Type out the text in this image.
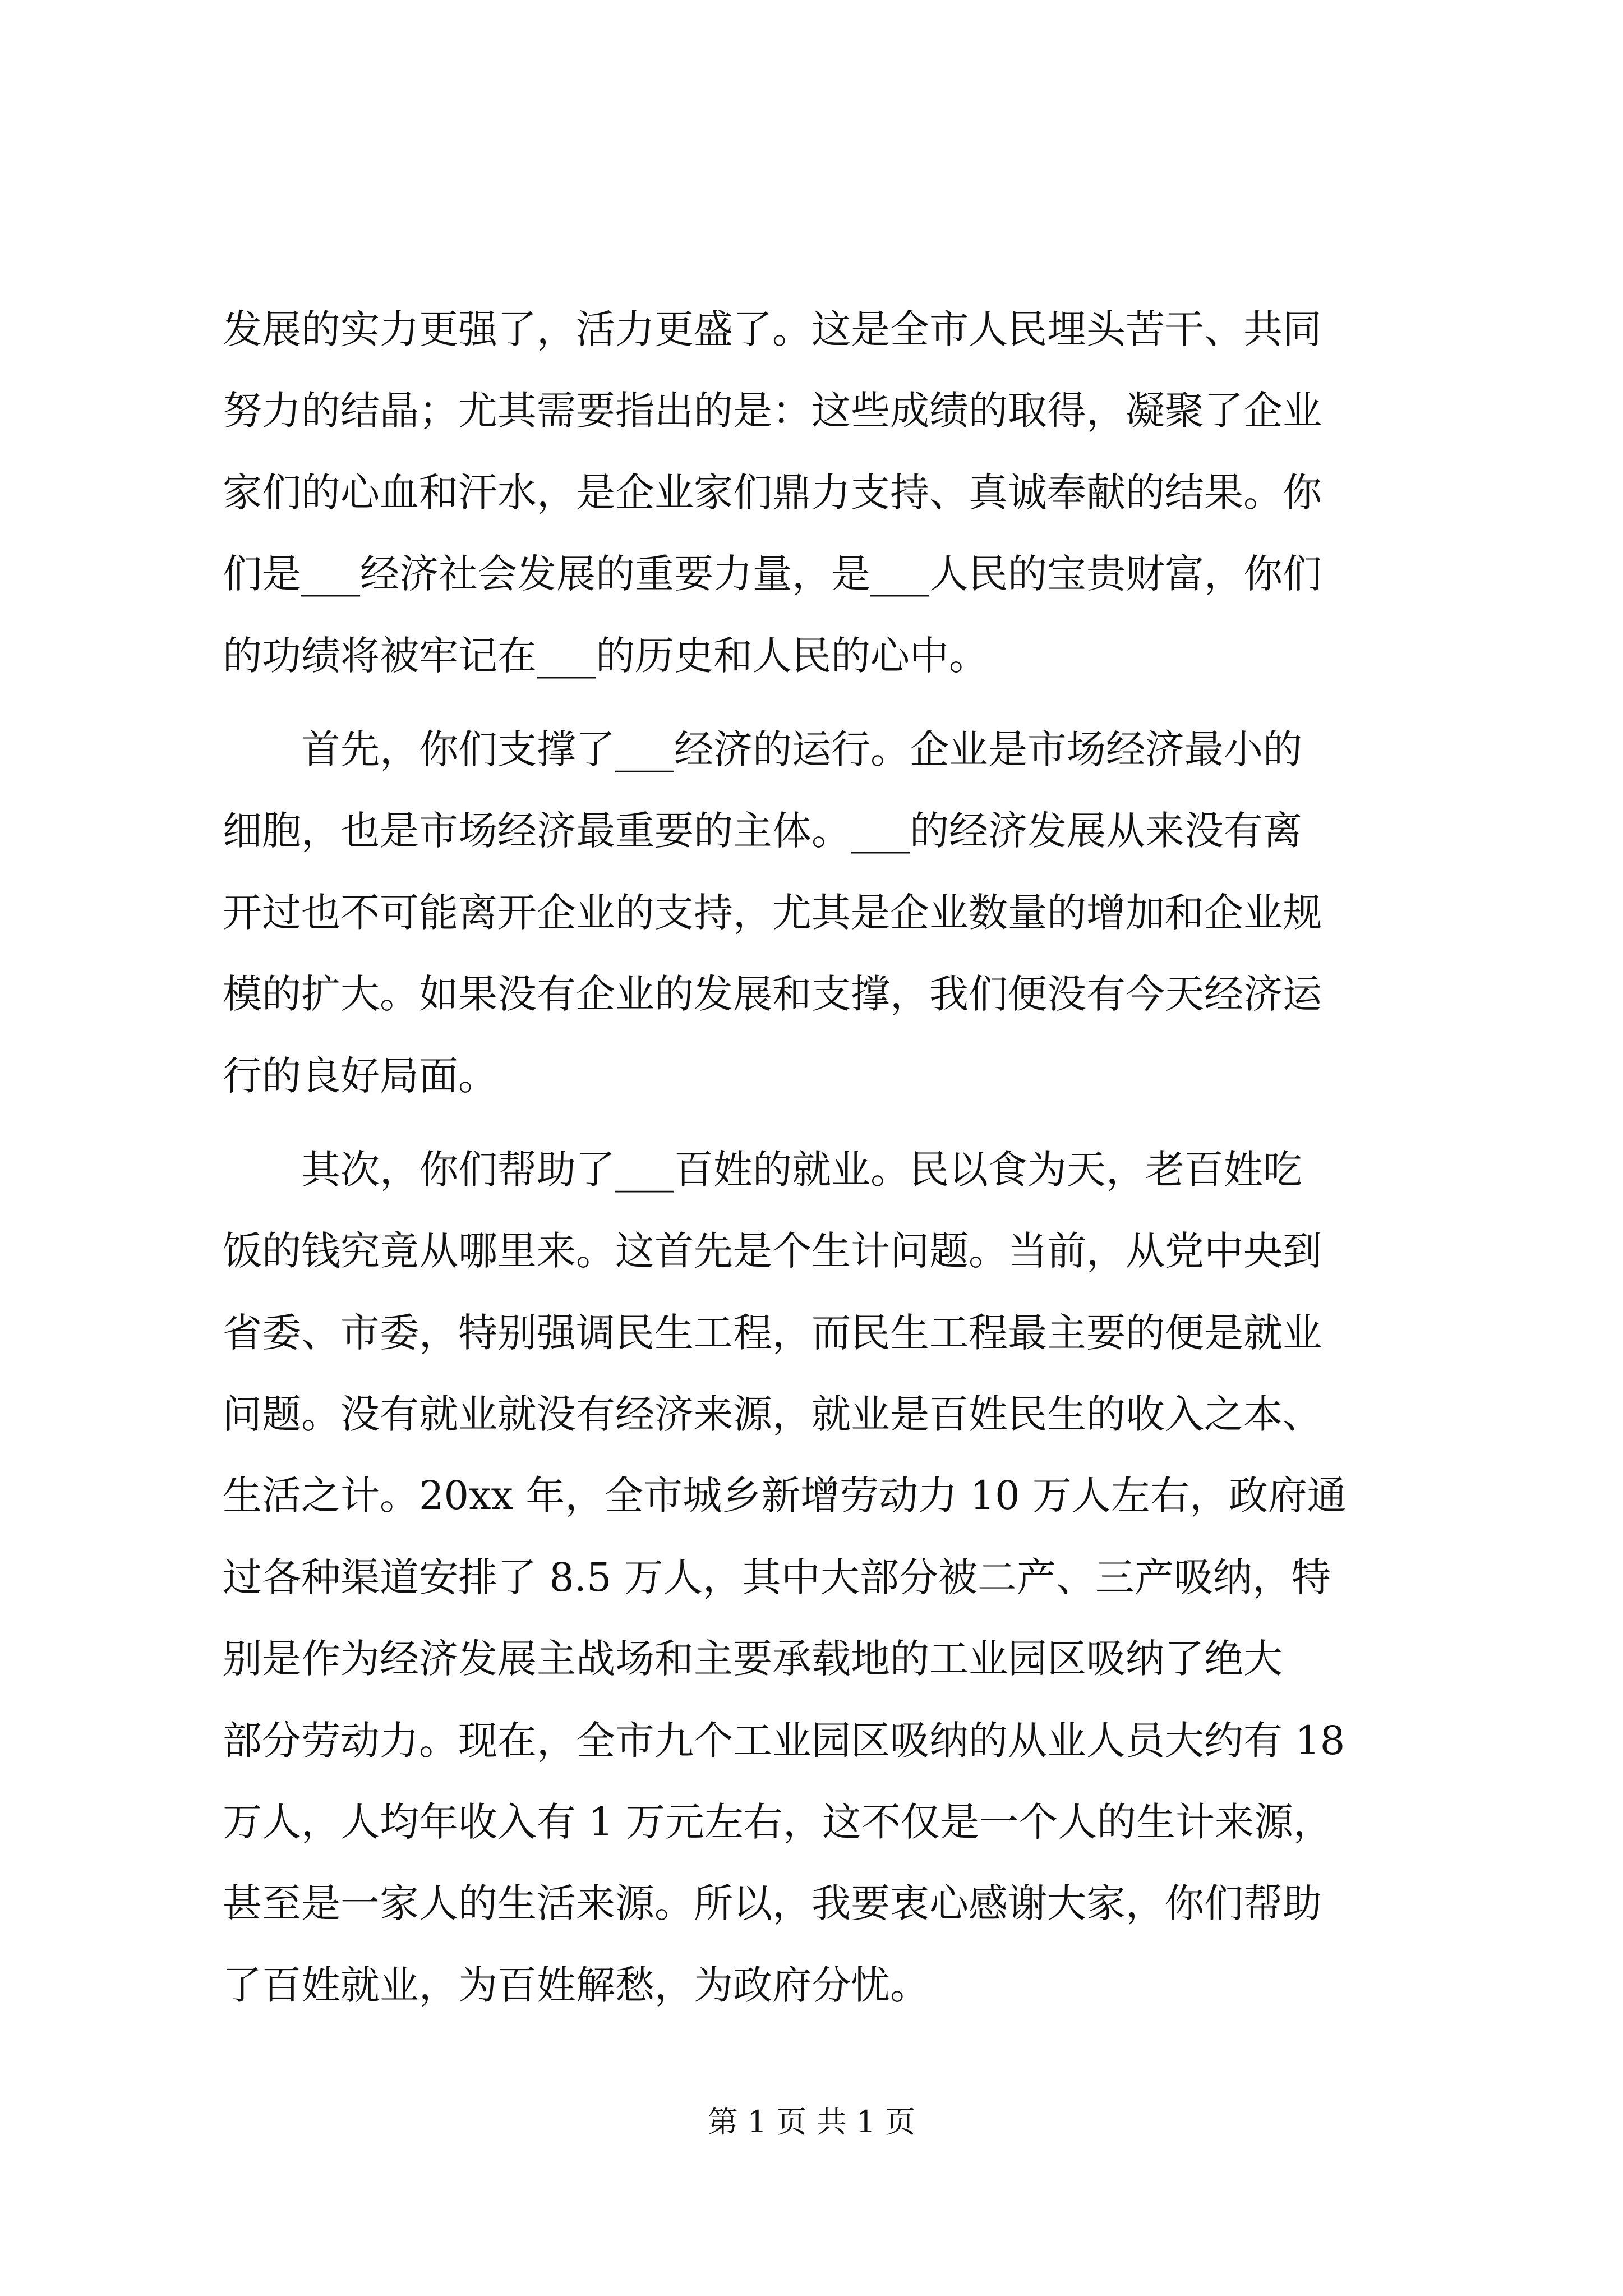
发展的实力更强了，活力更盛了。这是全市人民埋头苦干、共同

努力的结晶；尤其需要指出的是：这些成绩的取得，凝聚了企业

家们的心血和汗水，是企业家们鼎力支持、真诚奉献的结果。你

们是___经济社会发展的重要力量，是___人民的宝贵财富，你们

的功绩将被牢记在___的历史和人民的心中。

首先，你们支撑了___经济的运行。企业是市场经济最小的

细胞，也是市场经济最重要的主体。___的经济发展从来没有离

开过也不可能离开企业的支持，尤其是企业数量的增加和企业规

模的扩大。如果没有企业的发展和支撑，我们便没有今天经济运

行的良好局面。

其次，你们帮助了___百姓的就业。民以食为天，老百姓吃

饭的钱究竟从哪里来。这首先是个生计问题。当前，从党中央到

省委、市委，特别强调民生工程，而民生工程最主要的便是就业

问题。没有就业就没有经济来源，就业是百姓民生的收入之本、

生活之计。20xx 年，全市城乡新增劳动力 10 万人左右，政府通

过各种渠道安排了 8.5 万人，其中大部分被二产、三产吸纳，特

别是作为经济发展主战场和主要承载地的工业园区吸纳了绝大

部分劳动力。现在，全市九个工业园区吸纳的从业人员大约有 18

万人，人均年收入有 1 万元左右，这不仅是一个人的生计来源，

甚至是一家人的生活来源。所以，我要衷心感谢大家，你们帮助

了百姓就业，为百姓解愁，为政府分忧。

第 1 页 共 1 页
